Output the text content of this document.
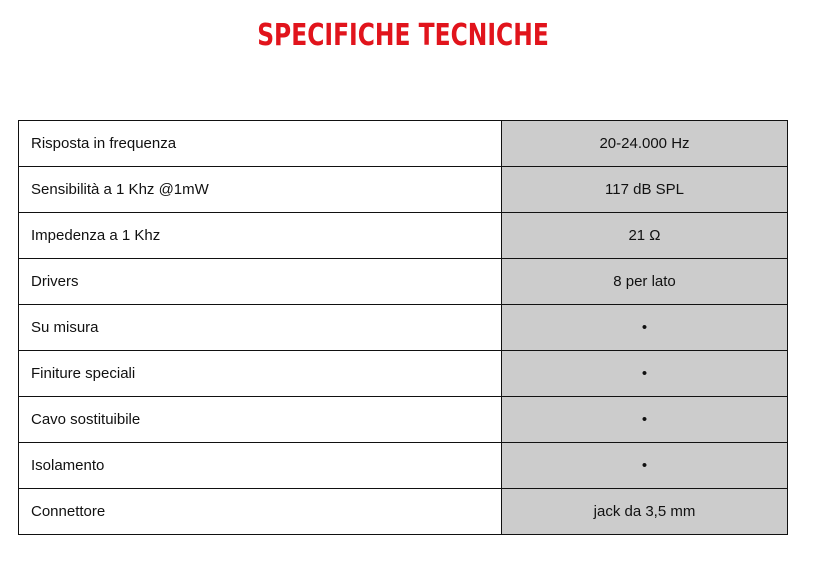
SPECIFICHE TECNICHE
Risposta in frequenza	20-24.000 Hz
Sensibilità a 1 Khz @1mW	117 dB SPL
Impedenza a 1 Khz	21 Ω
Drivers	8 per lato
Su misura	•
Finiture speciali	•
Cavo sostituibile	•
Isolamento	•
Connettore	jack da 3,5 mm
